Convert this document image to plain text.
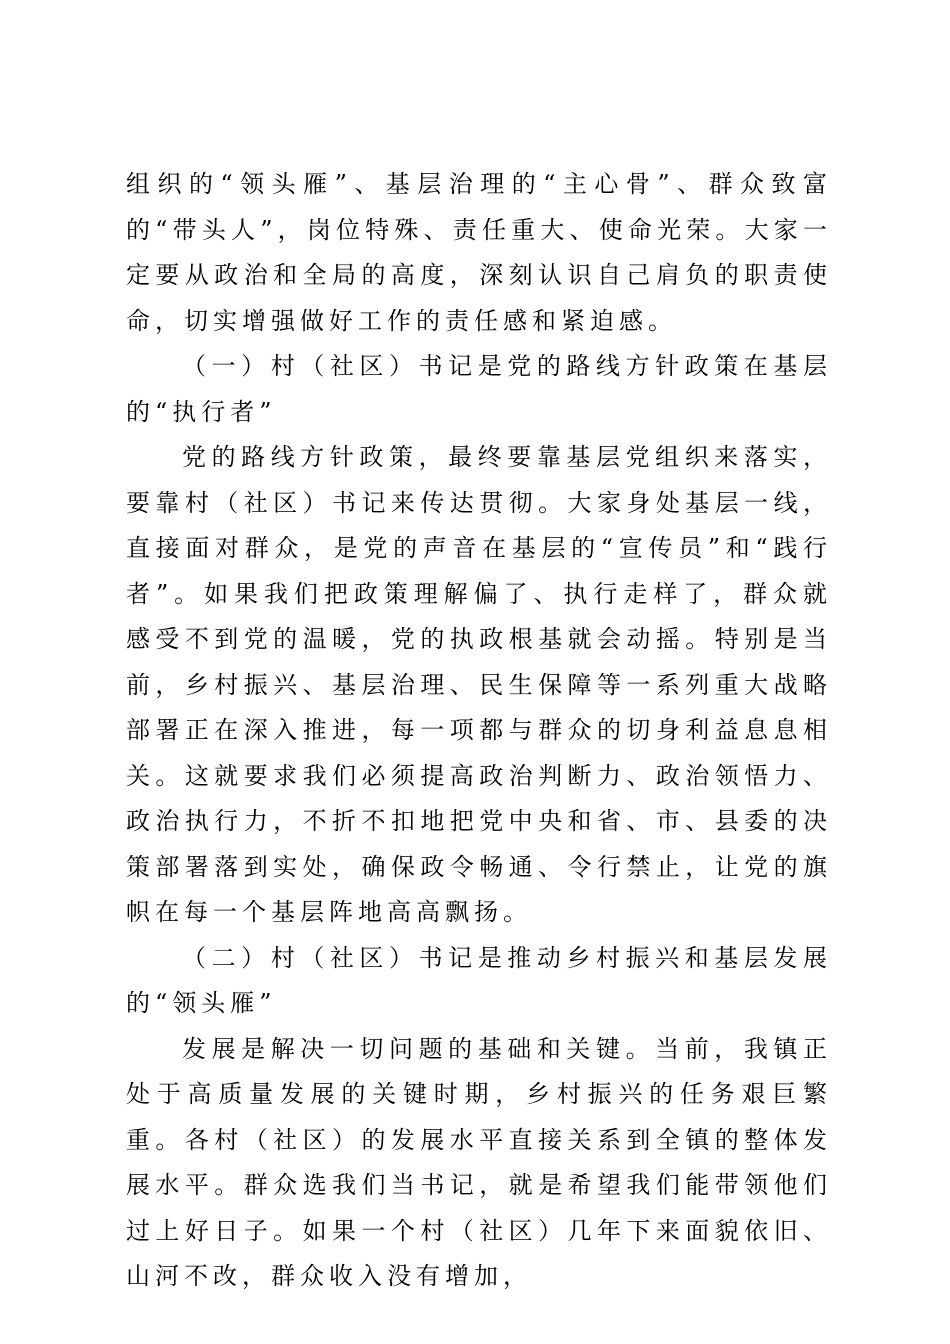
组织的“领头雁”、基层治理的“主心骨”、群众致富的“带头人”，岗位特殊、责任重大、使命光荣。大家一定要从政治和全局的高度，深刻认识自己肩负的职责使命，切实增强做好工作的责任感和紧迫感。

（一）村（社区）书记是党的路线方针政策在基层的“执行者”

党的路线方针政策，最终要靠基层党组织来落实，要靠村（社区）书记来传达贯彻。大家身处基层一线，直接面对群众，是党的声音在基层的“宣传员”和“践行者”。如果我们把政策理解偏了、执行走样了，群众就感受不到党的温暖，党的执政根基就会动摇。特别是当前，乡村振兴、基层治理、民生保障等一系列重大战略部署正在深入推进，每一项都与群众的切身利益息息相关。这就要求我们必须提高政治判断力、政治领悟力、政治执行力，不折不扣地把党中央和省、市、县委的决策部署落到实处，确保政令畅通、令行禁止，让党的旗帜在每一个基层阵地高高飘扬。

（二）村（社区）书记是推动乡村振兴和基层发展的“领头雁”

发展是解决一切问题的基础和关键。当前，我镇正处于高质量发展的关键时期，乡村振兴的任务艰巨繁重。各村（社区）的发展水平直接关系到全镇的整体发展水平。群众选我们当书记，就是希望我们能带领他们过上好日子。如果一个村（社区）几年下来面貌依旧、山河不改，群众收入没有增加，
